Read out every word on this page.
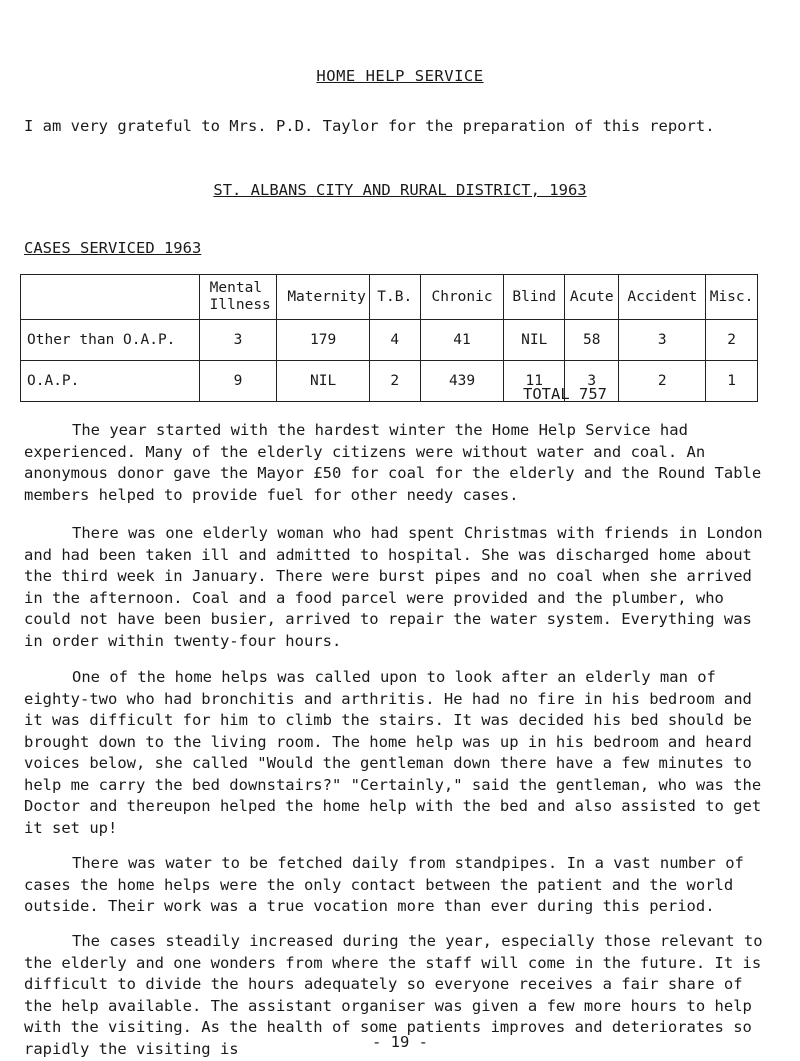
HOME HELP SERVICE
I am very grateful to Mrs. P.D. Taylor for the preparation of this report.
ST. ALBANS CITY AND RURAL DISTRICT, 1963
CASES SERVICED 1963
	Mental Illness	Maternity	T.B.	Chronic	Blind	Acute	Accident	Misc.
Other than O.A.P.	3	179	4	41	NIL	58	3	2
O.A.P.	9	NIL	2	439	11	3	2	1
TOTAL 757

The year started with the hardest winter the Home Help Service had experienced. Many of the elderly citizens were without water and coal. An anonymous donor gave the Mayor £50 for coal for the elderly and the Round Table members helped to provide fuel for other needy cases.

There was one elderly woman who had spent Christmas with friends in London and had been taken ill and admitted to hospital. She was discharged home about the third week in January. There were burst pipes and no coal when she arrived in the afternoon. Coal and a food parcel were provided and the plumber, who could not have been busier, arrived to repair the water system. Everything was in order within twenty-four hours.

One of the home helps was called upon to look after an elderly man of eighty-two who had bronchitis and arthritis. He had no fire in his bedroom and it was difficult for him to climb the stairs. It was decided his bed should be brought down to the living room. The home help was up in his bedroom and heard voices below, she called "Would the gentleman down there have a few minutes to help me carry the bed downstairs?" "Certainly," said the gentleman, who was the Doctor and thereupon helped the home help with the bed and also assisted to get it set up!

There was water to be fetched daily from standpipes. In a vast number of cases the home helps were the only contact between the patient and the world outside. Their work was a true vocation more than ever during this period.

The cases steadily increased during the year, especially those relevant to the elderly and one wonders from where the staff will come in the future. It is difficult to divide the hours adequately so everyone receives a fair share of the help available. The assistant organiser was given a few more hours to help with the visiting. As the health of some patients improves and deteriorates so rapidly the visiting is	- 19 -
